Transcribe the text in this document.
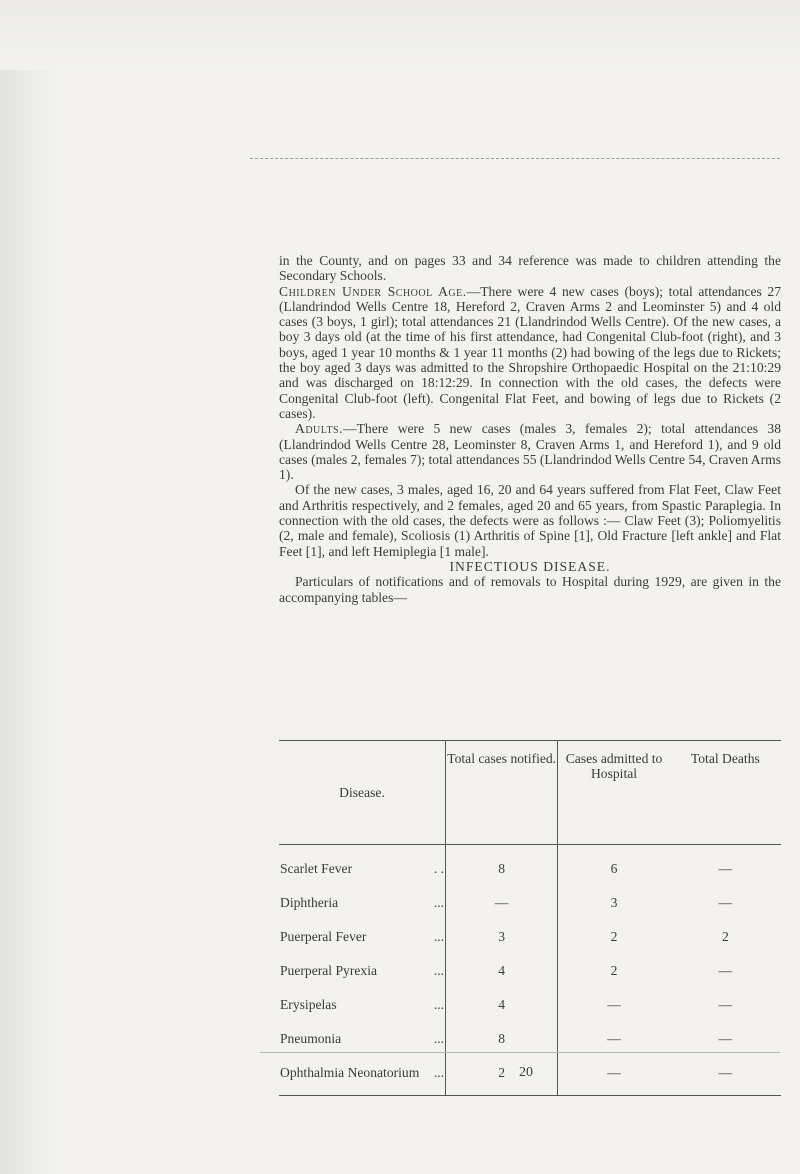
in the County, and on pages 33 and 34 reference was made to children attending the Secondary Schools.

Children Under School Age.—There were 4 new cases (boys); total attendances 27 (Llandrindod Wells Centre 18, Hereford 2, Craven Arms 2 and Leominster 5) and 4 old cases (3 boys, 1 girl); total attendances 21 (Llandrindod Wells Centre). Of the new cases, a boy 3 days old (at the time of his first attendance, had Congenital Club-foot (right), and 3 boys, aged 1 year 10 months & 1 year 11 months (2) had bowing of the legs due to Rickets; the boy aged 3 days was admitted to the Shropshire Orthopaedic Hospital on the 21:10:29 and was discharged on 18:12:29. In connection with the old cases, the defects were Congenital Club-foot (left). Congenital Flat Feet, and bowing of legs due to Rickets (2 cases).

Adults.—There were 5 new cases (males 3, females 2); total attendances 38 (Llandrindod Wells Centre 28, Leominster 8, Craven Arms 1, and Hereford 1), and 9 old cases (males 2, females 7); total attendances 55 (Llandrindod Wells Centre 54, Craven Arms 1).

Of the new cases, 3 males, aged 16, 20 and 64 years suffered from Flat Feet, Claw Feet and Arthritis respectively, and 2 females, aged 20 and 65 years, from Spastic Paraplegia. In connection with the old cases, the defects were as follows :— Claw Feet (3); Poliomyelitis (2, male and female), Scoliosis (1) Arthritis of Spine [1], Old Fracture [left ankle] and Flat Feet [1], and left Hemiplegia [1 male].

INFECTIOUS DISEASE.

Particulars of notifications and of removals to Hospital during 1929, are given in the accompanying tables—

Disease.	Total cases notified.	Cases admitted to Hospital	Total Deaths
Scarlet Fever . .	8	6	—
Diphtheria ...	—	3	—
Puerperal Fever ...	3	2	2
Puerperal Pyrexia ...	4	2	—
Erysipelas ...	4	—	—
Pneumonia ...	8	—	—
Ophthalmia Neonatorium ...	2	—	—
20
